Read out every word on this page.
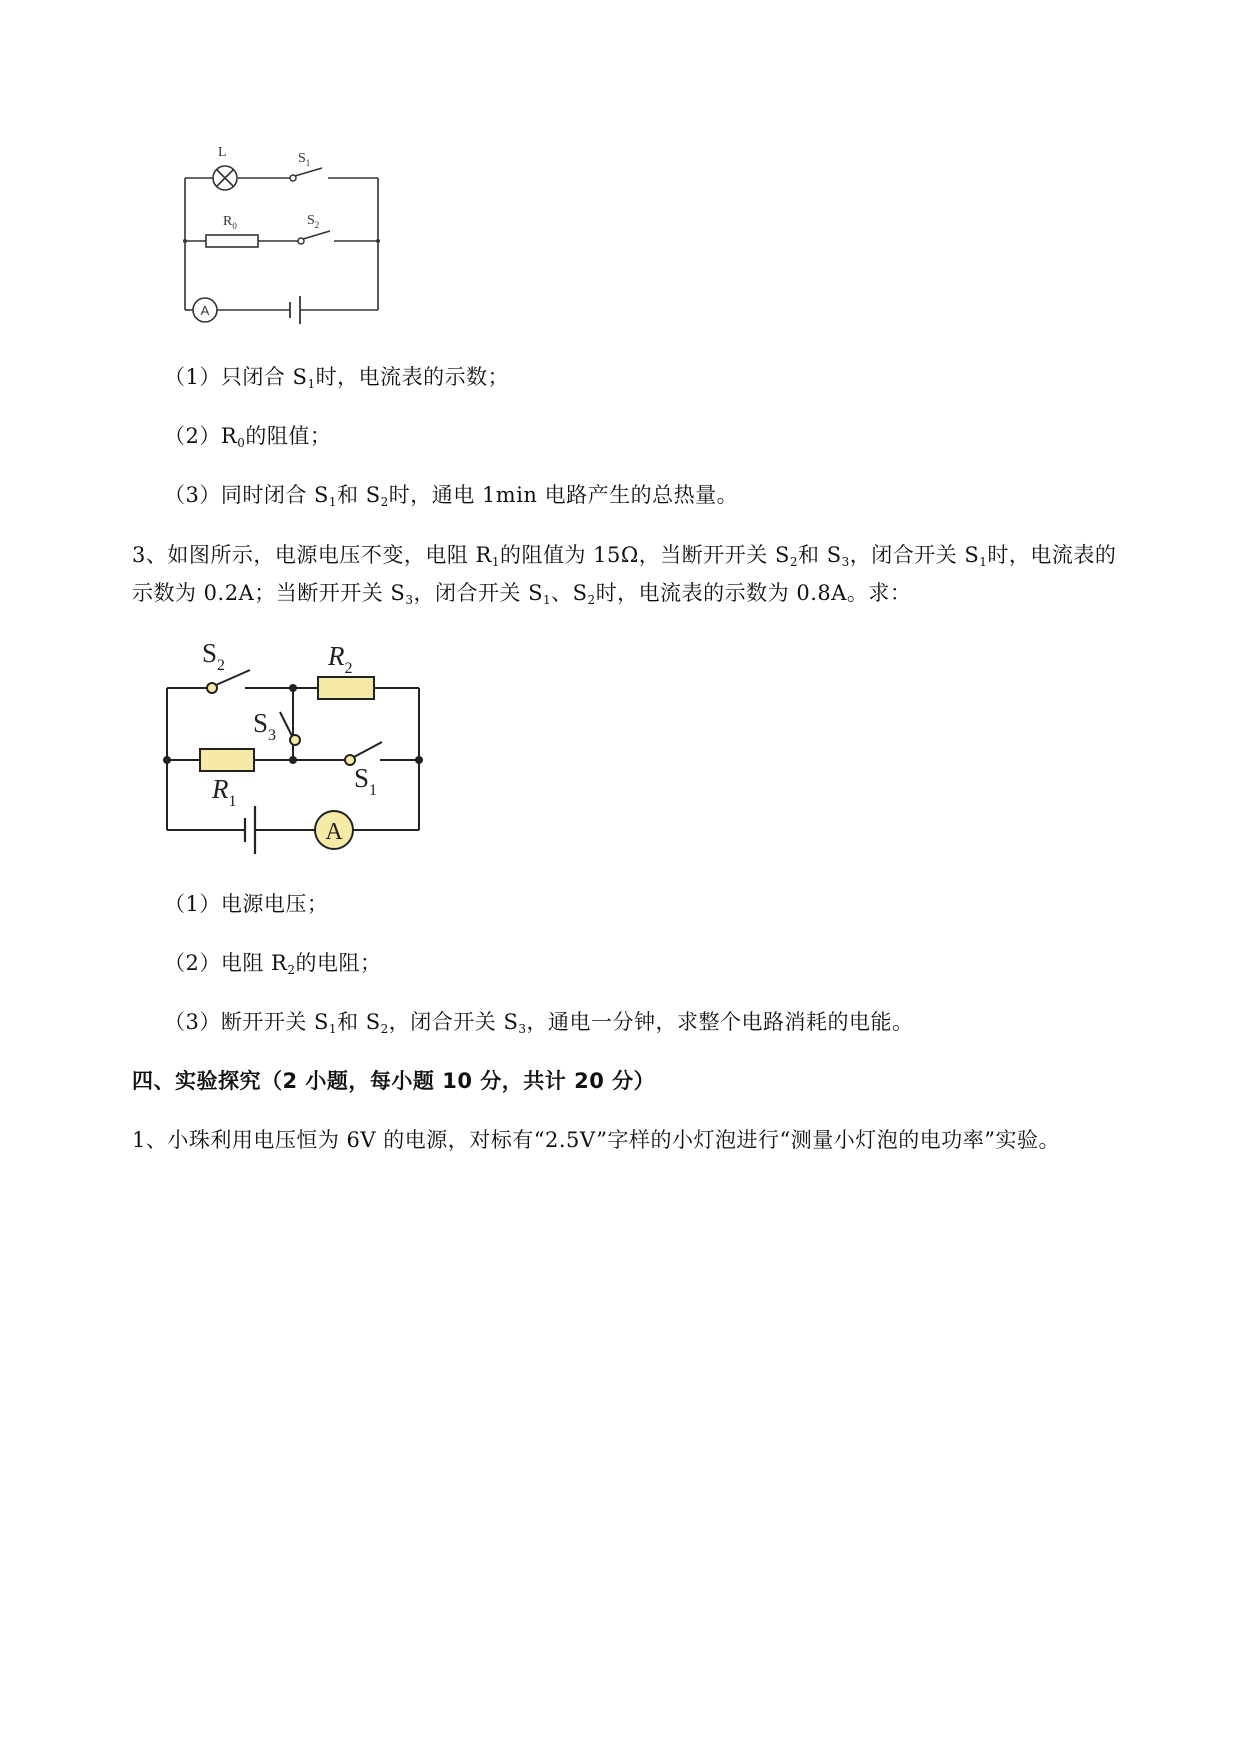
A
L	$S_1$
$R_0$	$S_2$
（1）只闭合 $S_1$时，电流表的示数；
$(2)R_0$的阻值；
（3）同时闭合 $S_1$和 $S_2$时，通电 1min 电路产生的总热量。
3、如图所示，电源电压不变，电阻 $R_1$的阻值为 15Ω，当断开开关 $S_2$和 $S_3$，闭合开关 $S_1$时，电流表的
示数为 0.2A；当断开开关 $S_3$，闭合开关 $S_1$、$S_2$时，电流表的示数为 0.8A。求：
A
$S_2$	$R_2$
$S_3$
$R_1$
$S_1$
（1）电源电压；
（2）电阻 $R_2$的电阻；
（3）断开开关 $S_1$和 $S_2$，闭合开关 $S_3$，通电一分钟，求整个电路消耗的电能。
四、实验探究（2 小题，每小题 10 分，共计 20 分）
1、小珠利用电压恒为 6V 的电源，对标有“2.5V”字样的小灯泡进行“测量小灯泡的电功率”实验。
